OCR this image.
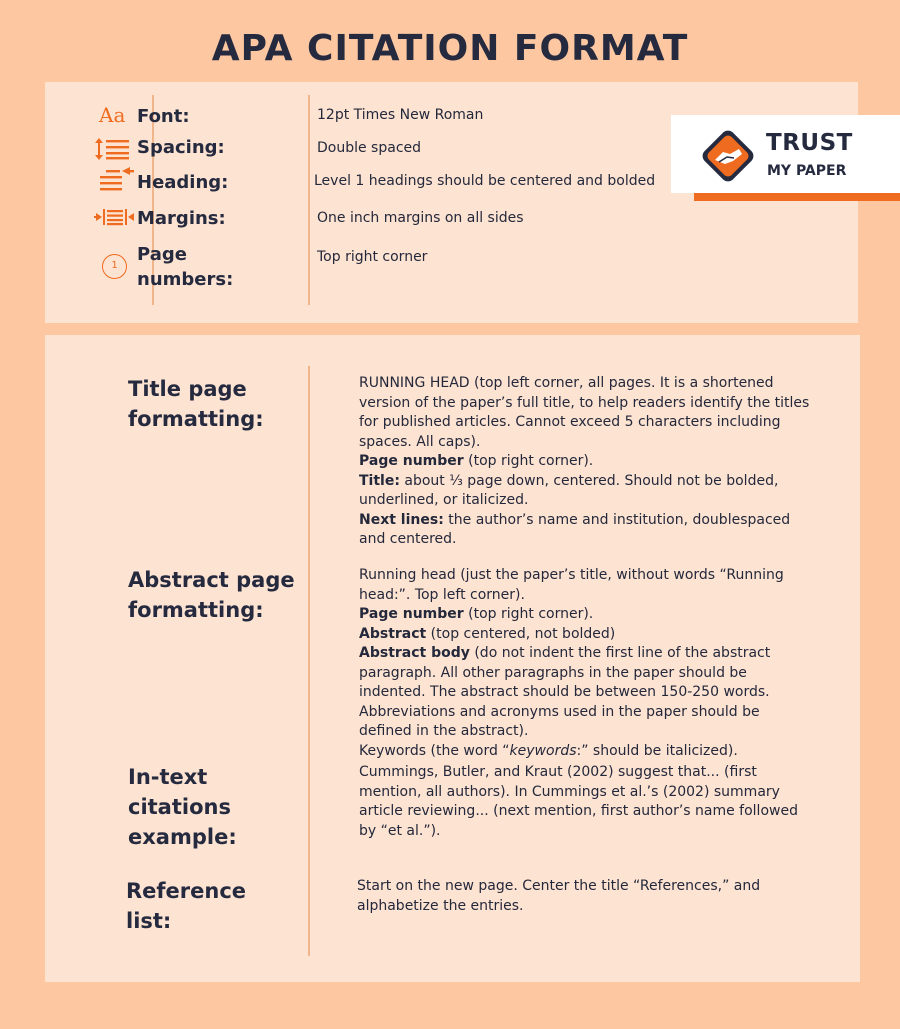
APA CITATION FORMAT
Aa
1
Font:
Spacing:
Heading:
Margins:
Page
numbers:
12pt Times New Roman
Double spaced
Level 1 headings should be centered and bolded
One inch margins on all sides
Top right corner
TRUST
MY PAPER
Title page
formatting:
RUNNING HEAD (top left corner, all pages. It is a shortened version of the paper’s full title, to help readers identify the titles for published articles. Cannot exceed 5 characters including spaces. All caps).
Page number (top right corner).
Title: about ⅓ page down, centered. Should not be bolded, underlined, or italicized.
Next lines: the author’s name and institution, doublespaced and centered.
Abstract page
formatting:
Running head (just the paper’s title, without words “Running head:”. Top left corner).
Page number (top right corner).
Abstract (top centered, not bolded)
Abstract body (do not indent the first line of the abstract paragraph. All other paragraphs in the paper should be indented. The abstract should be between 150-250 words. Abbreviations and acronyms used in the paper should be defined in the abstract).
Keywords (the word “keywords:” should be italicized).
In-text
citations
example:
Cummings, Butler, and Kraut (2002) suggest that... (first mention, all authors). In Cummings et al.’s (2002) summary article reviewing... (next mention, first author’s name followed by “et al.”).
Reference
list:
Start on the new page. Center the title “References,” and alphabetize the entries.
